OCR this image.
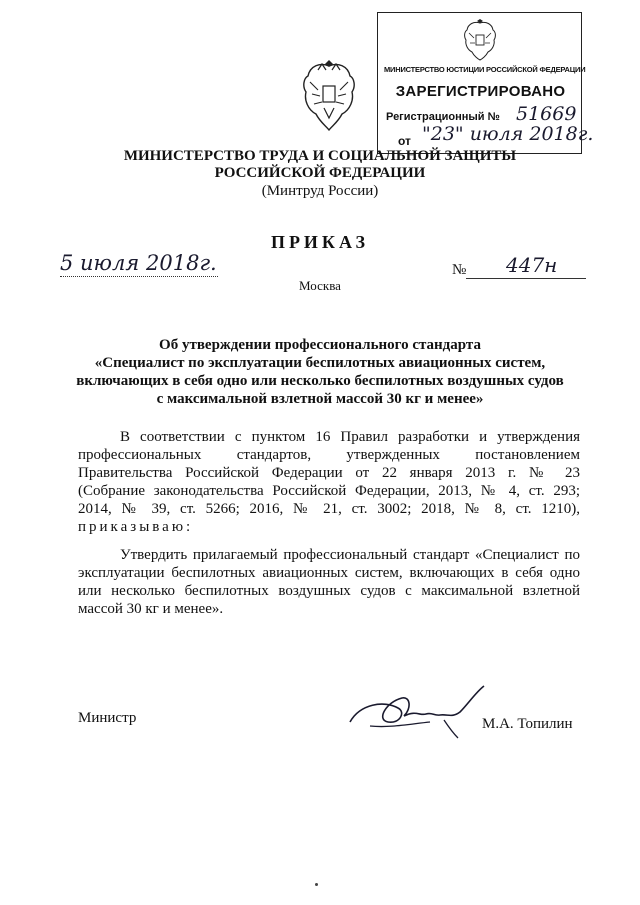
МИНИСТЕРСТВО ЮСТИЦИИ РОССИЙСКОЙ ФЕДЕРАЦИИ
ЗАРЕГИСТРИРОВАНО
Регистрационный № 51669
от "23" июля 2018г.
МИНИСТЕРСТВО ТРУДА И СОЦИАЛЬНОЙ ЗАЩИТЫ
РОССИЙСКОЙ ФЕДЕРАЦИИ
(Минтруд России)
ПРИКАЗ
5 июля 2018г.	№	447н
Москва
Об утверждении профессионального стандарта
«Специалист по эксплуатации беспилотных авиационных систем,
включающих в себя одно или несколько беспилотных воздушных судов
с максимальной взлетной массой 30 кг и менее»
В соответствии с пунктом 16 Правил разработки и утверждения
профессиональных стандартов, утвержденных постановлением
Правительства Российской Федерации от 22 января 2013 г. № 23
(Собрание законодательства Российской Федерации, 2013, № 4, ст. 293;
2014, № 39, ст. 5266; 2016, № 21, ст. 3002; 2018, № 8, ст. 1210),
приказываю:
Утвердить прилагаемый профессиональный стандарт «Специалист по
эксплуатации беспилотных авиационных систем, включающих в себя одно
или несколько беспилотных воздушных судов с максимальной взлетной
массой 30 кг и менее».
Министр	М.А. Топилин
